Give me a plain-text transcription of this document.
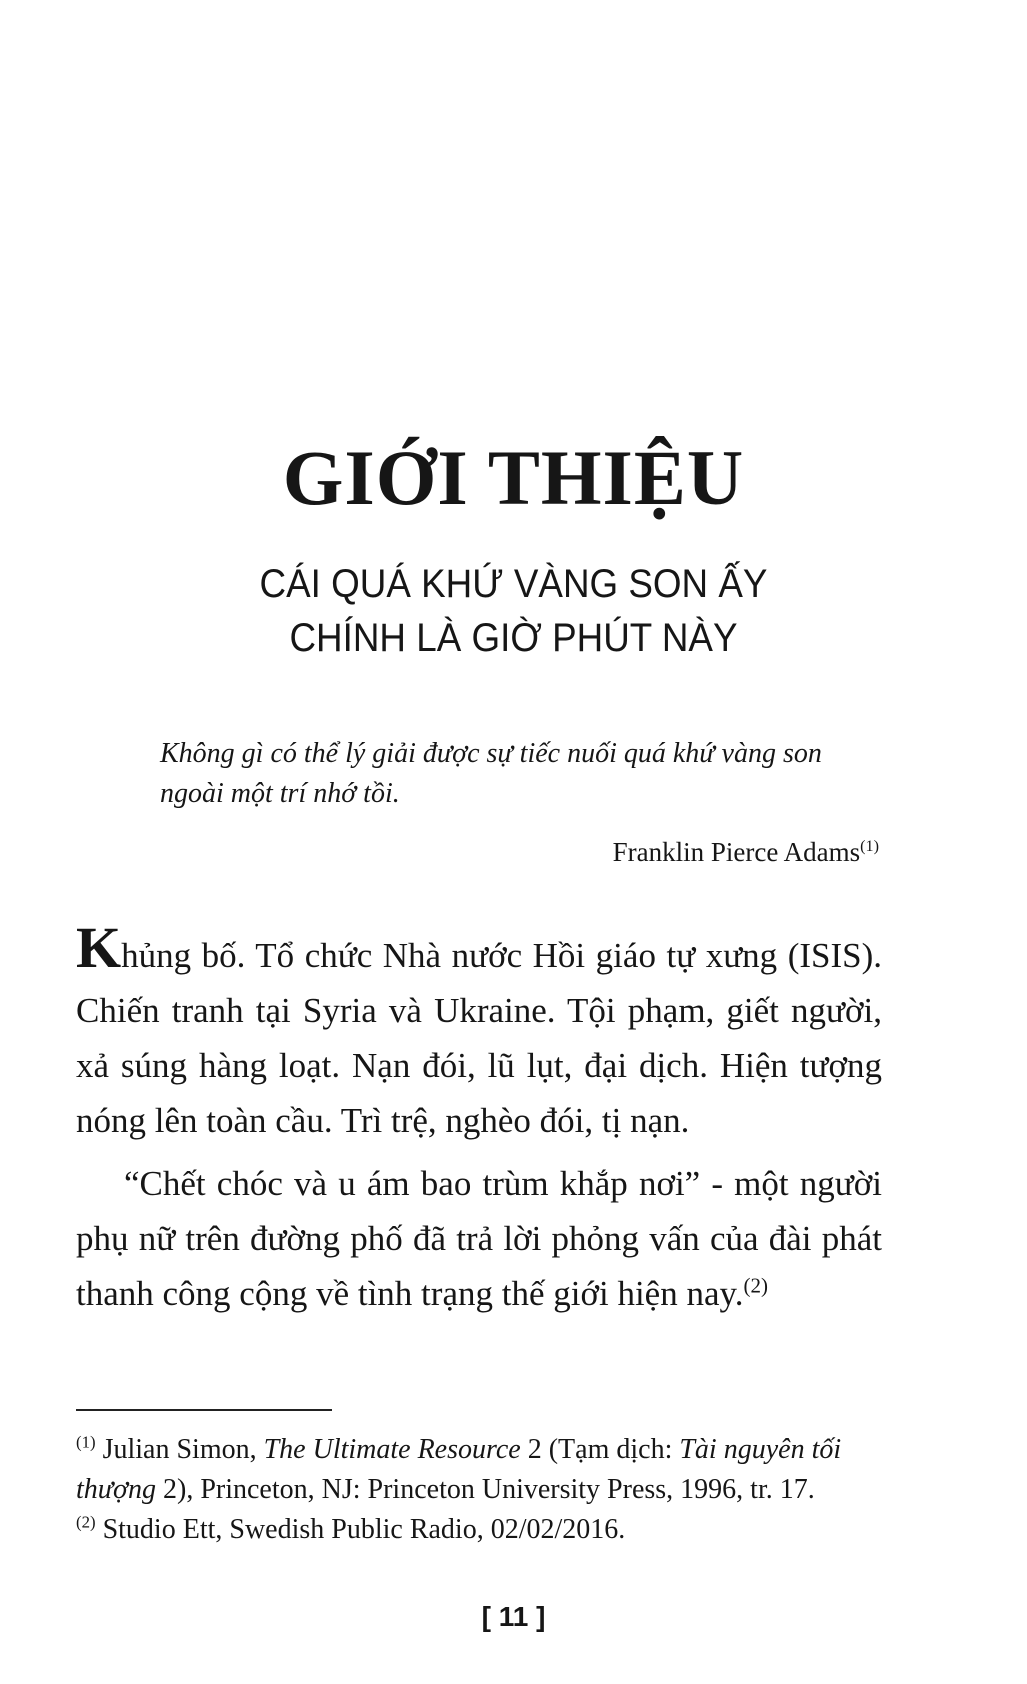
GIỚI THIỆU
CÁI QUÁ KHỨ VÀNG SON ẤY
CHÍNH LÀ GIỜ PHÚT NÀY
Không gì có thể lý giải được sự tiếc nuối quá khứ vàng son ngoài một trí nhớ tồi.
Franklin Pierce Adams$^{(1)}$

Khủng bố. Tổ chức Nhà nước Hồi giáo tự xưng (ISIS). Chiến tranh tại Syria và Ukraine. Tội phạm, giết người, xả súng hàng loạt. Nạn đói, lũ lụt, đại dịch. Hiện tượng nóng lên toàn cầu. Trì trệ, nghèo đói, tị nạn.

“Chết chóc và u ám bao trùm khắp nơi” - một người phụ nữ trên đường phố đã trả lời phỏng vấn của đài phát thanh công cộng về tình trạng thế giới hiện nay.$^{(2)}$

$^{(1)}$ Julian Simon, The Ultimate Resource 2 (Tạm dịch: Tài nguyên tối thượng 2), Princeton, NJ: Princeton University Press, 1996, tr. 17.

$^{(2)}$ Studio Ett, Swedish Public Radio, 02/02/2016.

[ 11 ]
